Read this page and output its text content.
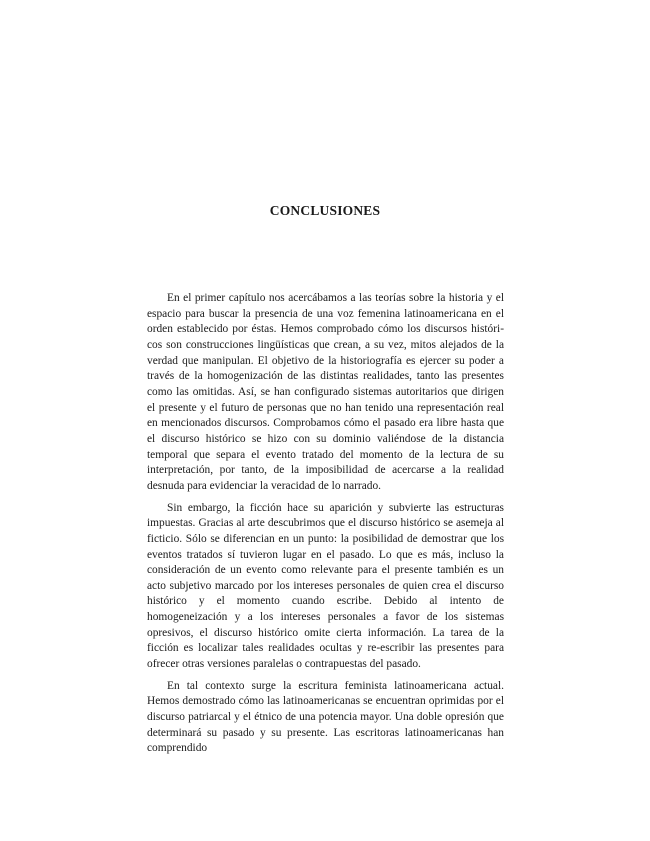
CONCLUSIONES

En el primer capítulo nos acercábamos a las teorías sobre la historia y el espacio para buscar la presencia de una voz femenina latinoamericana en el orden establecido por éstas. Hemos comprobado cómo los discursos históricos son construcciones lingüísticas que crean, a su vez, mitos alejados de la verdad que manipulan. El objetivo de la historiografía es ejercer su poder a través de la homogenización de las distintas realidades, tanto las presentes como las omitidas. Así, se han configurado sistemas autoritarios que dirigen el presente y el futuro de personas que no han tenido una representación real en mencionados discursos. Comprobamos cómo el pasado era libre hasta que el discurso histórico se hizo con su dominio valiéndose de la distancia temporal que separa el evento tratado del momento de la lectura de su interpretación, por tanto, de la imposibilidad de acercarse a la realidad desnuda para evidenciar la veracidad de lo narrado.

Sin embargo, la ficción hace su aparición y subvierte las estructuras impuestas. Gracias al arte descubrimos que el discurso histórico se asemeja al ficticio. Sólo se diferencian en un punto: la posibilidad de demostrar que los eventos tratados sí tuvieron lugar en el pasado. Lo que es más, incluso la consideración de un evento como relevante para el presente también es un acto subjetivo marcado por los intereses personales de quien crea el discurso histórico y el momento cuando escribe. Debido al intento de homogeneización y a los intereses personales a favor de los sistemas opresivos, el discurso histórico omite cierta información. La tarea de la ficción es localizar tales realidades ocultas y re-escribir las presentes para ofrecer otras versiones paralelas o contrapuestas del pasado.

En tal contexto surge la escritura feminista latinoamericana actual. Hemos demostrado cómo las latinoamericanas se encuentran oprimidas por el discurso patriarcal y el étnico de una potencia mayor. Una doble opresión que determinará su pasado y su presente. Las escritoras latinoamericanas han comprendido
